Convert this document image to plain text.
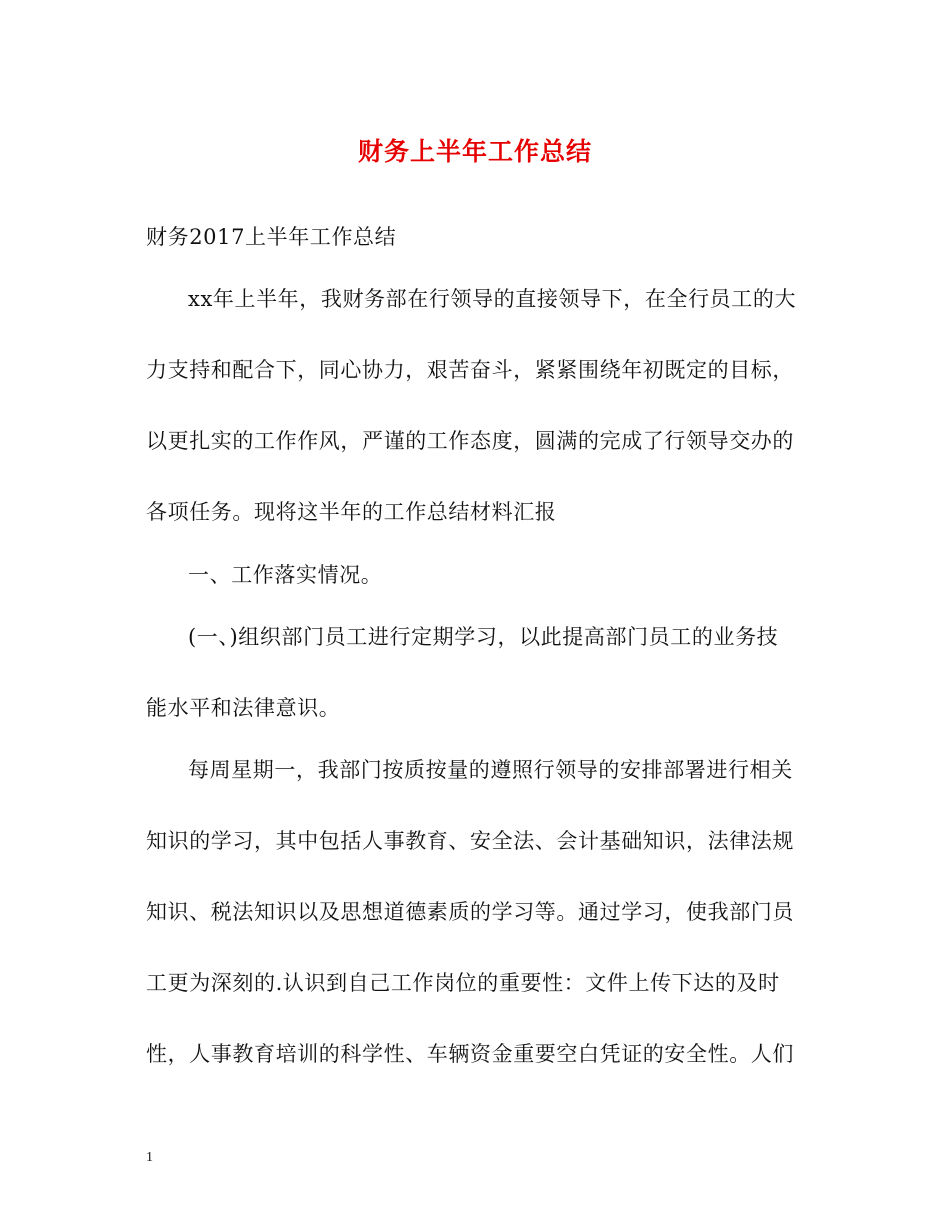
财务上半年工作总结
财务2017上半年工作总结
xx年上半年，我财务部在行领导的直接领导下，在全行员工的大
力支持和配合下，同心协力，艰苦奋斗，紧紧围绕年初既定的目标，
以更扎实的工作作风，严谨的工作态度，圆满的完成了行领导交办的
各项任务。现将这半年的工作总结材料汇报
一、工作落实情况。
(一、)组织部门员工进行定期学习，以此提高部门员工的业务技
能水平和法律意识。
每周星期一，我部门按质按量的遵照行领导的安排部署进行相关
知识的学习，其中包括人事教育、安全法、会计基础知识，法律法规
知识、税法知识以及思想道德素质的学习等。通过学习，使我部门员
工更为深刻的.认识到自己工作岗位的重要性：文件上传下达的及时
性，人事教育培训的科学性、车辆资金重要空白凭证的安全性。人们
1
